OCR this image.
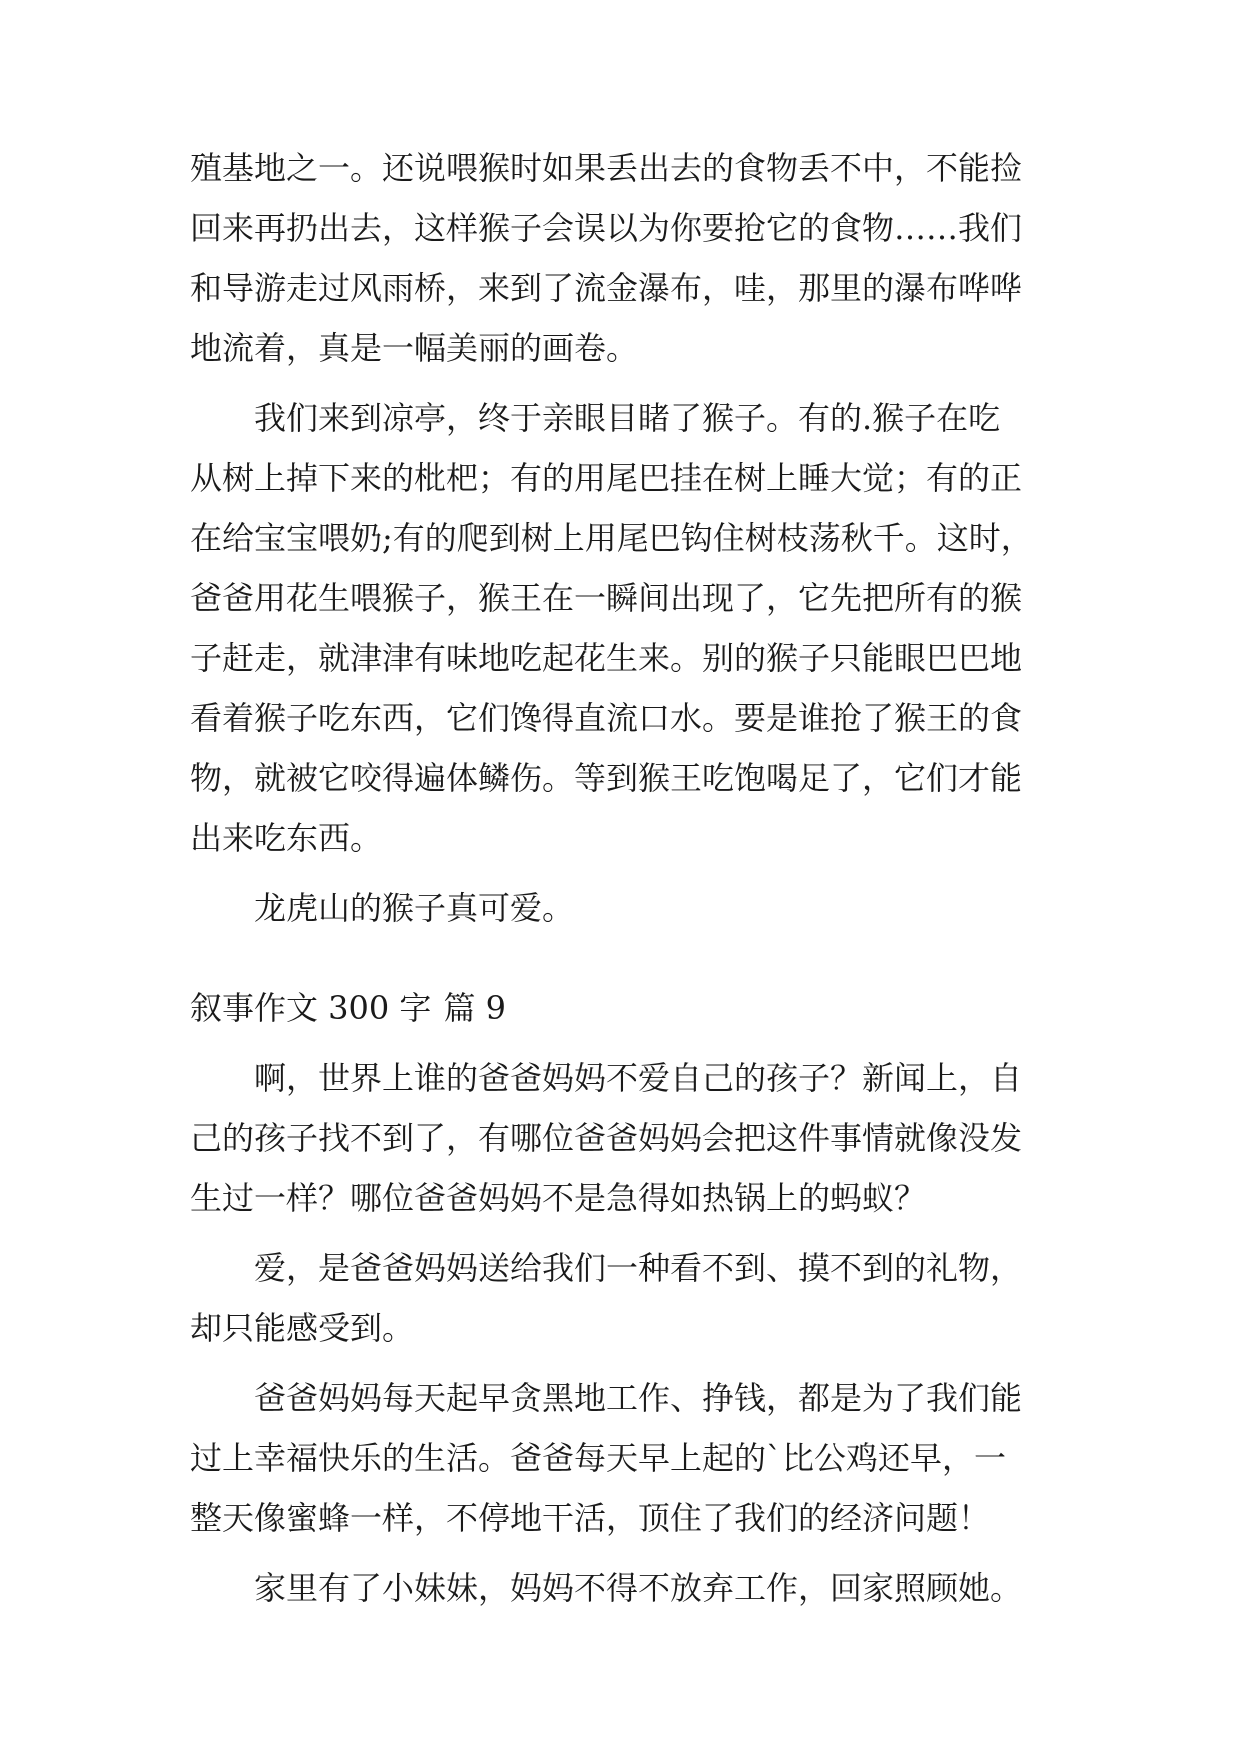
殖基地之一。还说喂猴时如果丢出去的食物丢不中，不能捡

回来再扔出去，这样猴子会误以为你要抢它的食物……我们

和导游走过风雨桥，来到了流金瀑布，哇，那里的瀑布哗哗

地流着，真是一幅美丽的画卷。

我们来到凉亭，终于亲眼目睹了猴子。有的.猴子在吃

从树上掉下来的枇杷；有的用尾巴挂在树上睡大觉；有的正

在给宝宝喂奶;有的爬到树上用尾巴钩住树枝荡秋千。这时，

爸爸用花生喂猴子，猴王在一瞬间出现了，它先把所有的猴

子赶走，就津津有味地吃起花生来。别的猴子只能眼巴巴地

看着猴子吃东西，它们馋得直流口水。要是谁抢了猴王的食

物，就被它咬得遍体鳞伤。等到猴王吃饱喝足了，它们才能

出来吃东西。

龙虎山的猴子真可爱。

叙事作文 300 字 篇 9

啊，世界上谁的爸爸妈妈不爱自己的孩子？新闻上，自

己的孩子找不到了，有哪位爸爸妈妈会把这件事情就像没发

生过一样？哪位爸爸妈妈不是急得如热锅上的蚂蚁？

爱，是爸爸妈妈送给我们一种看不到、摸不到的礼物，

却只能感受到。

爸爸妈妈每天起早贪黑地工作、挣钱，都是为了我们能

过上幸福快乐的生活。爸爸每天早上起的`比公鸡还早，一

整天像蜜蜂一样，不停地干活，顶住了我们的经济问题！

家里有了小妹妹，妈妈不得不放弃工作，回家照顾她。
